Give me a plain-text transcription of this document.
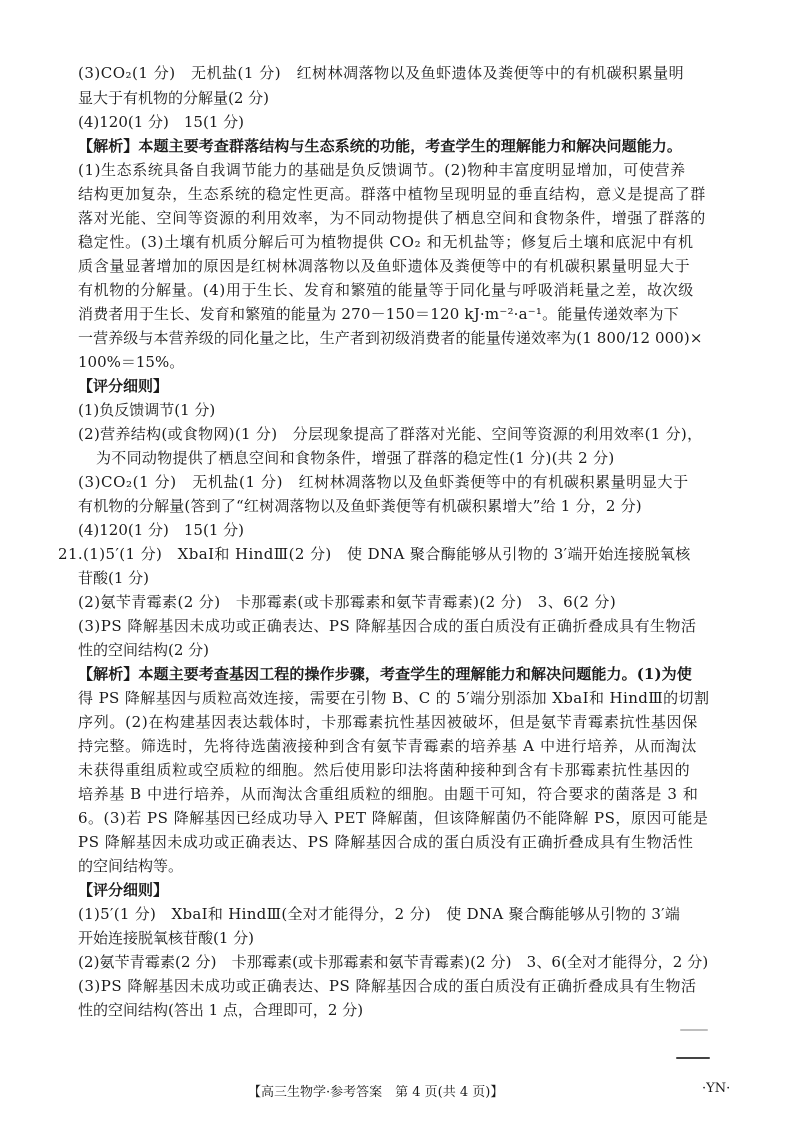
(3)CO₂(1 分)　无机盐(1 分)　红树林凋落物以及鱼虾遗体及粪便等中的有机碳积累量明
显大于有机物的分解量(2 分)
(4)120(1 分)　15(1 分)
【解析】本题主要考查群落结构与生态系统的功能，考查学生的理解能力和解决问题能力。
(1)生态系统具备自我调节能力的基础是负反馈调节。(2)物种丰富度明显增加，可使营养
结构更加复杂，生态系统的稳定性更高。群落中植物呈现明显的垂直结构，意义是提高了群
落对光能、空间等资源的利用效率，为不同动物提供了栖息空间和食物条件，增强了群落的
稳定性。(3)土壤有机质分解后可为植物提供 CO₂ 和无机盐等；修复后土壤和底泥中有机
质含量显著增加的原因是红树林凋落物以及鱼虾遗体及粪便等中的有机碳积累量明显大于
有机物的分解量。(4)用于生长、发育和繁殖的能量等于同化量与呼吸消耗量之差，故次级
消费者用于生长、发育和繁殖的能量为 270－150＝120 kJ·m⁻²·a⁻¹。能量传递效率为下
一营养级与本营养级的同化量之比，生产者到初级消费者的能量传递效率为(1 800/12 000)×
100%＝15%。
【评分细则】
(1)负反馈调节(1 分)
(2)营养结构(或食物网)(1 分)　分层现象提高了群落对光能、空间等资源的利用效率(1 分)，
为不同动物提供了栖息空间和食物条件，增强了群落的稳定性(1 分)(共 2 分)
(3)CO₂(1 分)　无机盐(1 分)　红树林凋落物以及鱼虾粪便等中的有机碳积累量明显大于
有机物的分解量(答到了“红树凋落物以及鱼虾粪便等有机碳积累增大”给 1 分，2 分)
(4)120(1 分)　15(1 分)
21.(1)5′(1 分)　XbaⅠ和 HindⅢ(2 分)　使 DNA 聚合酶能够从引物的 3′端开始连接脱氧核
苷酸(1 分)
(2)氨苄青霉素(2 分)　卡那霉素(或卡那霉素和氨苄青霉素)(2 分)　3、6(2 分)
(3)PS 降解基因未成功或正确表达、PS 降解基因合成的蛋白质没有正确折叠成具有生物活
性的空间结构(2 分)
【解析】本题主要考查基因工程的操作步骤，考查学生的理解能力和解决问题能力。(1)为使
得 PS 降解基因与质粒高效连接，需要在引物 B、C 的 5′端分别添加 XbaⅠ和 HindⅢ的切割
序列。(2)在构建基因表达载体时，卡那霉素抗性基因被破坏，但是氨苄青霉素抗性基因保
持完整。筛选时，先将待选菌液接种到含有氨苄青霉素的培养基 A 中进行培养，从而淘汰
未获得重组质粒或空质粒的细胞。然后使用影印法将菌种接种到含有卡那霉素抗性基因的
培养基 B 中进行培养，从而淘汰含重组质粒的细胞。由题干可知，符合要求的菌落是 3 和
6。(3)若 PS 降解基因已经成功导入 PET 降解菌，但该降解菌仍不能降解 PS，原因可能是
PS 降解基因未成功或正确表达、PS 降解基因合成的蛋白质没有正确折叠成具有生物活性
的空间结构等。
【评分细则】
(1)5′(1 分)　XbaⅠ和 HindⅢ(全对才能得分，2 分)　使 DNA 聚合酶能够从引物的 3′端
开始连接脱氧核苷酸(1 分)
(2)氨苄青霉素(2 分)　卡那霉素(或卡那霉素和氨苄青霉素)(2 分)　3、6(全对才能得分，2 分)
(3)PS 降解基因未成功或正确表达、PS 降解基因合成的蛋白质没有正确折叠成具有生物活
性的空间结构(答出 1 点，合理即可，2 分)
【高三生物学·参考答案　第 4 页(共 4 页)】	·YN·
